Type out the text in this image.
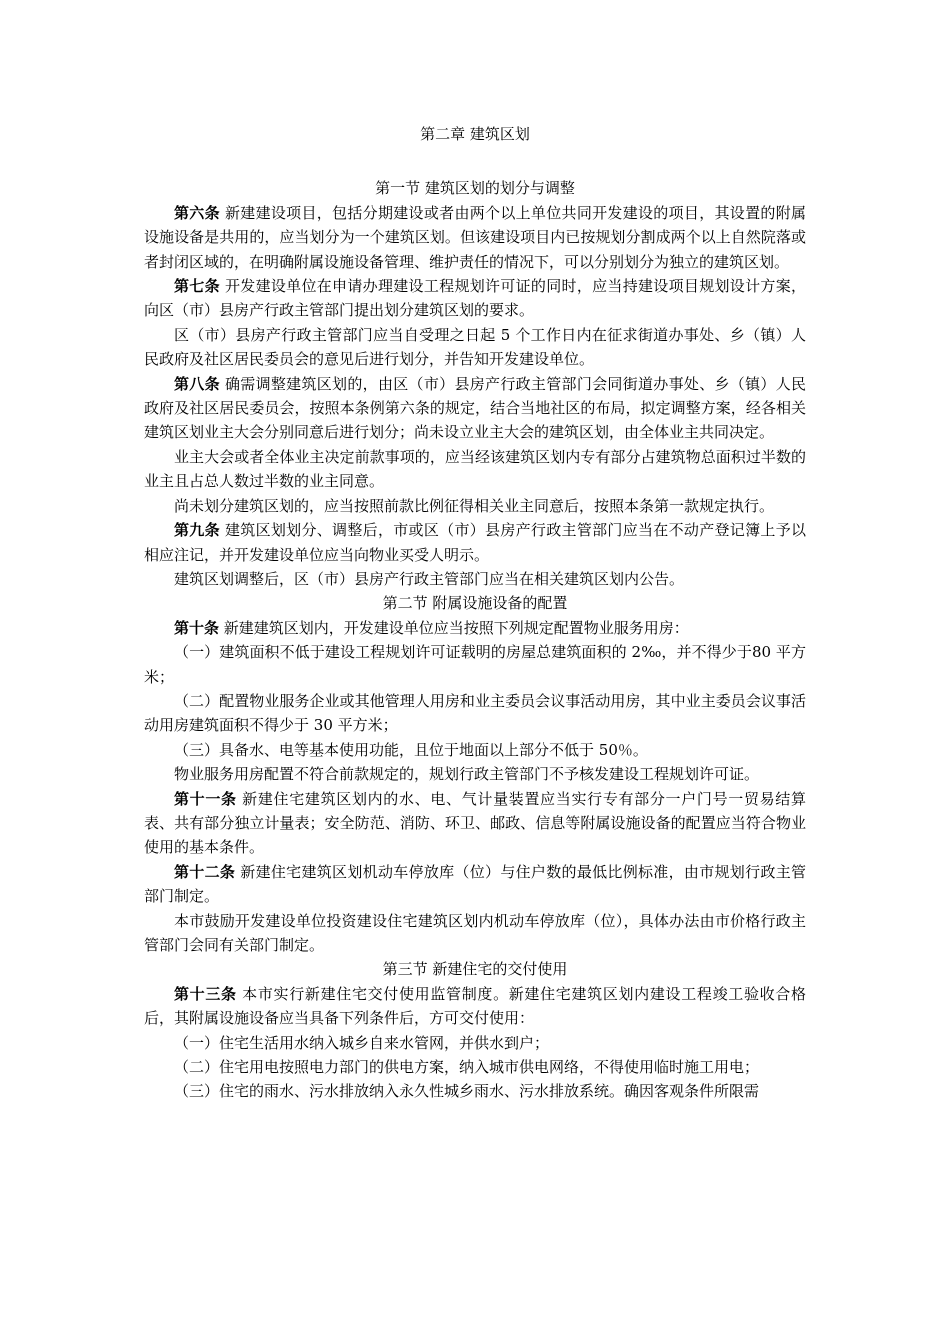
第二章 建筑区划
第一节 建筑区划的划分与调整

第六条 新建建设项目，包括分期建设或者由两个以上单位共同开发建设的项目，其设置的附属设施设备是共用的，应当划分为一个建筑区划。但该建设项目内已按规划分割成两个以上自然院落或者封闭区域的，在明确附属设施设备管理、维护责任的情况下，可以分别划分为独立的建筑区划。

第七条 开发建设单位在申请办理建设工程规划许可证的同时，应当持建设项目规划设计方案，向区（市）县房产行政主管部门提出划分建筑区划的要求。

区（市）县房产行政主管部门应当自受理之日起 5 个工作日内在征求街道办事处、乡（镇）人民政府及社区居民委员会的意见后进行划分，并告知开发建设单位。

第八条 确需调整建筑区划的，由区（市）县房产行政主管部门会同街道办事处、乡（镇）人民政府及社区居民委员会，按照本条例第六条的规定，结合当地社区的布局，拟定调整方案，经各相关建筑区划业主大会分别同意后进行划分；尚未设立业主大会的建筑区划，由全体业主共同决定。

业主大会或者全体业主决定前款事项的，应当经该建筑区划内专有部分占建筑物总面积过半数的业主且占总人数过半数的业主同意。

尚未划分建筑区划的，应当按照前款比例征得相关业主同意后，按照本条第一款规定执行。

第九条 建筑区划划分、调整后，市或区（市）县房产行政主管部门应当在不动产登记簿上予以相应注记，并开发建设单位应当向物业买受人明示。

建筑区划调整后，区（市）县房产行政主管部门应当在相关建筑区划内公告。

第二节 附属设施设备的配置

第十条 新建建筑区划内，开发建设单位应当按照下列规定配置物业服务用房：

（一）建筑面积不低于建设工程规划许可证载明的房屋总建筑面积的 2‰，并不得少于80 平方米；

（二）配置物业服务企业或其他管理人用房和业主委员会议事活动用房，其中业主委员会议事活动用房建筑面积不得少于 30 平方米；

（三）具备水、电等基本使用功能，且位于地面以上部分不低于 50％。

物业服务用房配置不符合前款规定的，规划行政主管部门不予核发建设工程规划许可证。

第十一条 新建住宅建筑区划内的水、电、气计量装置应当实行专有部分一户门号一贸易结算表、共有部分独立计量表；安全防范、消防、环卫、邮政、信息等附属设施设备的配置应当符合物业使用的基本条件。

第十二条 新建住宅建筑区划机动车停放库（位）与住户数的最低比例标准，由市规划行政主管部门制定。

本市鼓励开发建设单位投资建设住宅建筑区划内机动车停放库（位），具体办法由市价格行政主管部门会同有关部门制定。

第三节 新建住宅的交付使用

第十三条 本市实行新建住宅交付使用监管制度。新建住宅建筑区划内建设工程竣工验收合格后，其附属设施设备应当具备下列条件后，方可交付使用：

（一）住宅生活用水纳入城乡自来水管网，并供水到户；

（二）住宅用电按照电力部门的供电方案，纳入城市供电网络，不得使用临时施工用电；

（三）住宅的雨水、污水排放纳入永久性城乡雨水、污水排放系统。确因客观条件所限需
